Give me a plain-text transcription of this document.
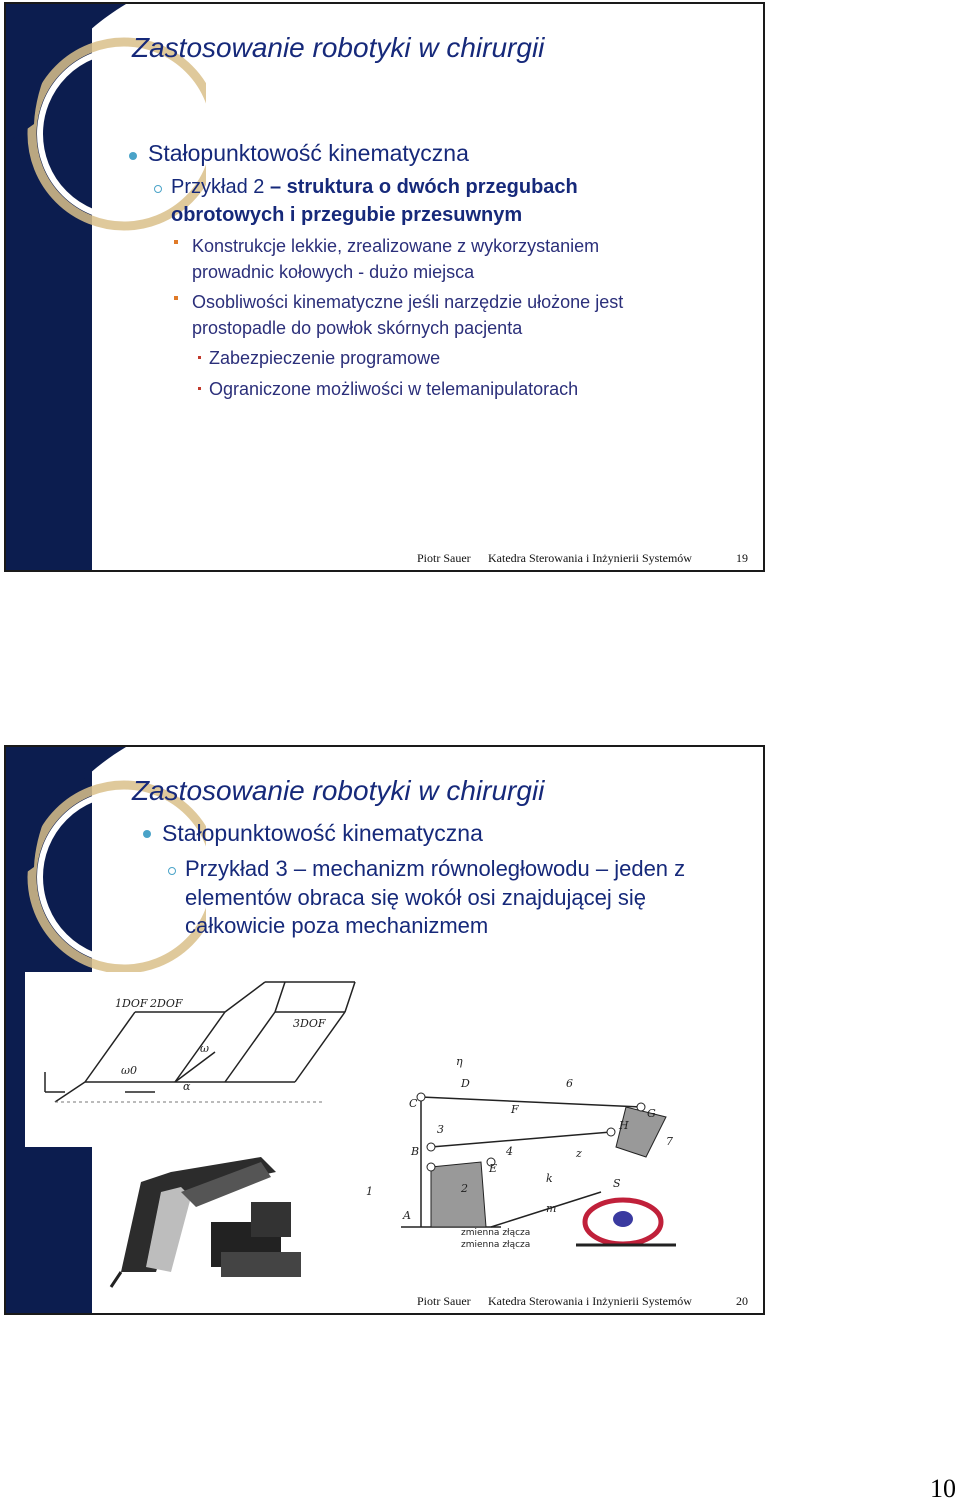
Zastosowanie robotyki w chirurgii
Stałopunktowość kinematyczna
Przykład 2 – struktura o dwóch przegubach
obrotowych i przegubie przesuwnym
Konstrukcje lekkie, zrealizowane z wykorzystaniem
prowadnic kołowych - dużo miejsca
Osobliwości kinematyczne jeśli narzędzie ułożone jest
prostopadle do powłok skórnych pacjenta
Zabezpieczenie programowe
Ograniczone możliwości w telemanipulatorach
Piotr Sauer Katedra Sterowania i Inżynierii Systemów	19
Zastosowanie robotyki w chirurgii
Stałopunktowość kinematyczna
Przykład 3 – mechanizm równoległowodu – jeden z
elementów obraca się wokół osi znajdującej się
całkowicie poza mechanizmem
1DOF 2DOF
3DOF
ω0
ω
α	D
C	F	G
H
B
E
A
S
1	2
3
4
6
7
k
m
z
η
zmienna złącza
zmienna złącza
Piotr Sauer Katedra Sterowania i Inżynierii Systemów	20
10
